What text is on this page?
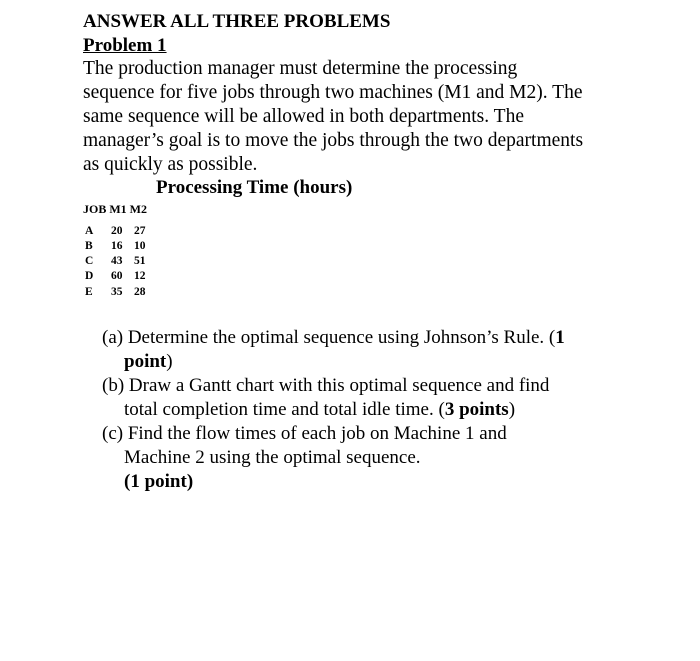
ANSWER ALL THREE PROBLEMS
Problem 1
The production manager must determine the processing
sequence for five jobs through two machines (M1 and M2). The
same sequence will be allowed in both departments. The
manager’s goal is to move the jobs through the two departments
as quickly as possible.
Processing Time (hours)
JOB M1 M2
A 20 27
B 16 10
C 43 51
D 60 12
E 35 28
(a) Determine the optimal sequence using Johnson’s Rule. (1
point)
(b) Draw a Gantt chart with this optimal sequence and find
total completion time and total idle time. (3 points)
(c) Find the flow times of each job on Machine 1 and
Machine 2 using the optimal sequence.
(1 point)
